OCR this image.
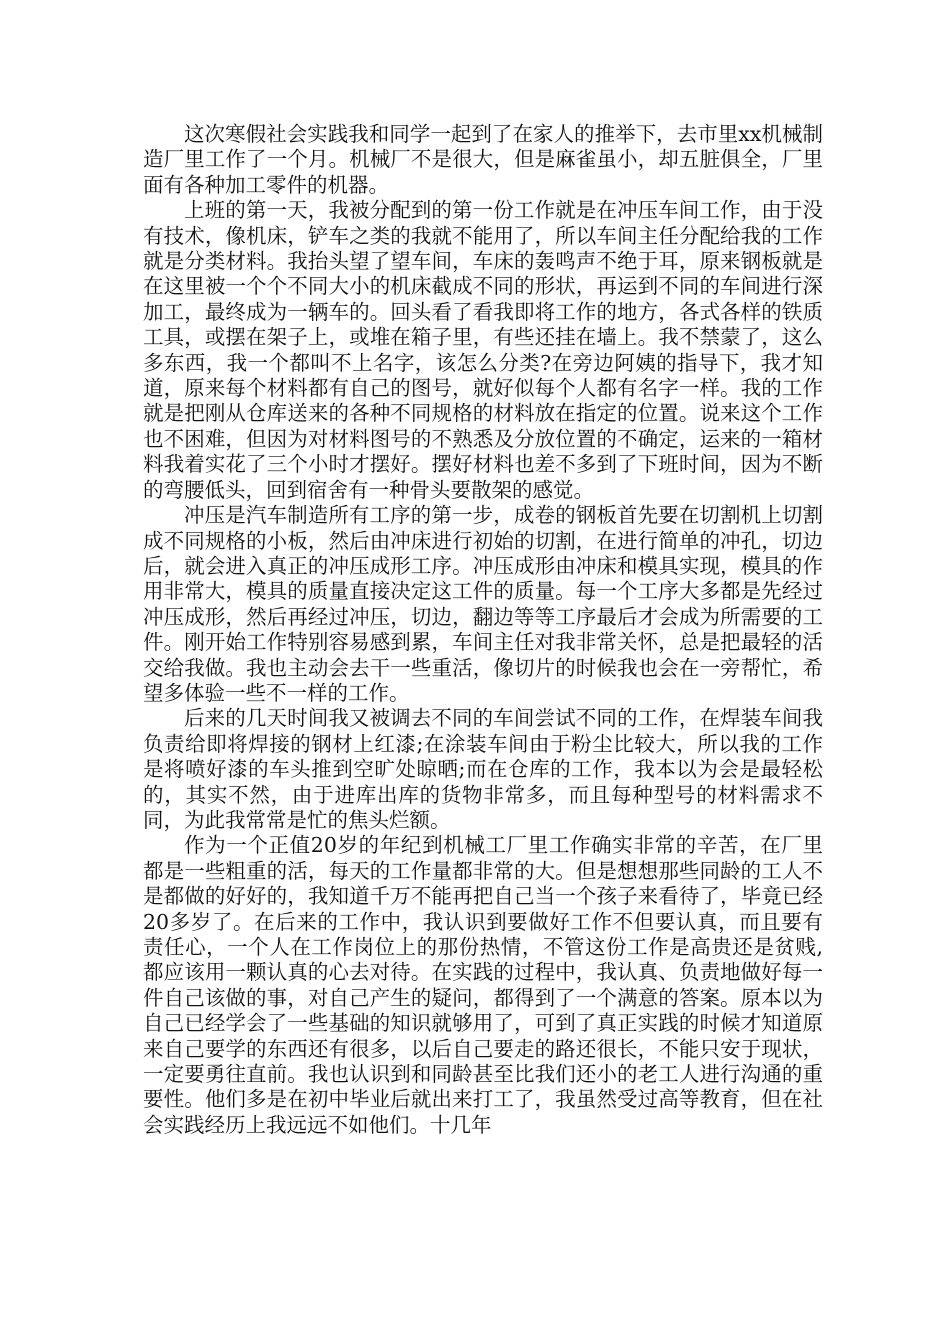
这次寒假社会实践我和同学一起到了在家人的推举下，去市里xx机械制造厂里工作了一个月。机械厂不是很大，但是麻雀虽小，却五脏俱全，厂里面有各种加工零件的机器。

上班的第一天，我被分配到的第一份工作就是在冲压车间工作，由于没有技术，像机床，铲车之类的我就不能用了，所以车间主任分配给我的工作就是分类材料。我抬头望了望车间，车床的轰鸣声不绝于耳，原来钢板就是在这里被一个个不同大小的机床截成不同的形状，再运到不同的车间进行深加工，最终成为一辆车的。回头看了看我即将工作的地方，各式各样的铁质工具，或摆在架子上，或堆在箱子里，有些还挂在墙上。我不禁蒙了，这么多东西，我一个都叫不上名字，该怎么分类?在旁边阿姨的指导下，我才知道，原来每个材料都有自己的图号，就好似每个人都有名字一样。我的工作就是把刚从仓库送来的各种不同规格的材料放在指定的位置。说来这个工作也不困难，但因为对材料图号的不熟悉及分放位置的不确定，运来的一箱材料我着实花了三个小时才摆好。摆好材料也差不多到了下班时间，因为不断的弯腰低头，回到宿舍有一种骨头要散架的感觉。

冲压是汽车制造所有工序的第一步，成卷的钢板首先要在切割机上切割成不同规格的小板，然后由冲床进行初始的切割，在进行简单的冲孔，切边后，就会进入真正的冲压成形工序。冲压成形由冲床和模具实现，模具的作用非常大，模具的质量直接决定这工件的质量。每一个工序大多都是先经过冲压成形，然后再经过冲压，切边，翻边等等工序最后才会成为所需要的工件。刚开始工作特别容易感到累，车间主任对我非常关怀，总是把最轻的活交给我做。我也主动会去干一些重活，像切片的时候我也会在一旁帮忙，希望多体验一些不一样的工作。

后来的几天时间我又被调去不同的车间尝试不同的工作，在焊装车间我负责给即将焊接的钢材上红漆;在涂装车间由于粉尘比较大，所以我的工作是将喷好漆的车头推到空旷处晾晒;而在仓库的工作，我本以为会是最轻松的，其实不然，由于进库出库的货物非常多，而且每种型号的材料需求不同，为此我常常是忙的焦头烂额。

作为一个正值20岁的年纪到机械工厂里工作确实非常的辛苦，在厂里都是一些粗重的活，每天的工作量都非常的大。但是想想那些同龄的工人不是都做的好好的，我知道千万不能再把自己当一个孩子来看待了，毕竟已经20多岁了。在后来的工作中，我认识到要做好工作不但要认真，而且要有责任心，一个人在工作岗位上的那份热情，不管这份工作是高贵还是贫贱,都应该用一颗认真的心去对待。在实践的过程中，我认真、负责地做好每一件自己该做的事，对自己产生的疑问，都得到了一个满意的答案。原本以为自己已经学会了一些基础的知识就够用了，可到了真正实践的时候才知道原来自己要学的东西还有很多，以后自己要走的路还很长，不能只安于现状，一定要勇往直前。我也认识到和同龄甚至比我们还小的老工人进行沟通的重要性。他们多是在初中毕业后就出来打工了，我虽然受过高等教育，但在社会实践经历上我远远不如他们。十几年
